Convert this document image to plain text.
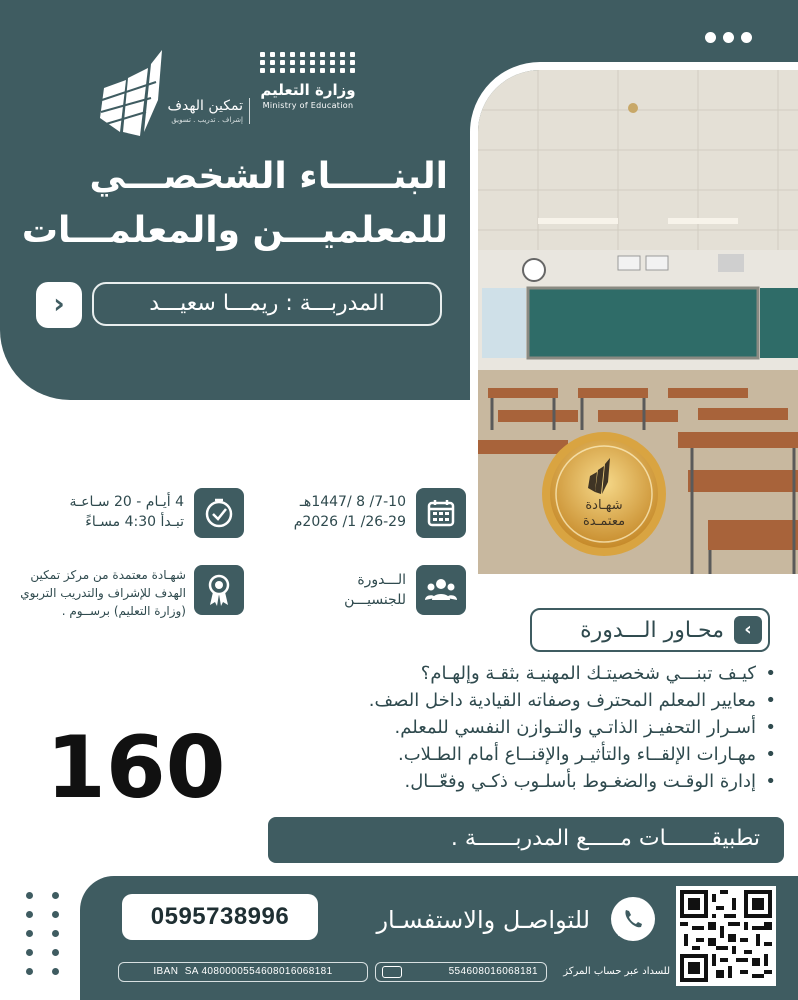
وزارة التعليم
Ministry of Education
تمكين الهدف
إشراف . تدريب . تسويق
البنـــــاء الشخصـــي
للمعلميـــن والمعلمـــات
المدربـــة : ريمـــا سعيـــد
›
شهـادة
معتمـدة
7-10/ 8 /1447هـ
26-29/ 1/ 2026م
4 أيـام - 20 سـاعـة
تبـدأ 4:30 مسـاءً
الـــدورة
للجنسيـــن
شهـادة معتمدة من مركز تمكين
الهدف للإشراف والتدريب التربوي
(وزارة التعليم) برســوم .
›
محـاور الـــدورة
• كيـف تبنـــي شخصيتـك المهنيـة بثقـة وإلهـام؟
• معايير المعلم المحترف وصفاته القيادية داخل الصف.
• أسـرار التحفيـز الذاتـي والتـوازن النفسي للمعلم.
• مهـارات الإلقــاء والتأثيـر والإقنــاع أمام الطـلاب.
• إدارة الوقـت والضغـوط بأسلـوب ذكـي وفعّــال.
160
تطبيقـــــــات مـــــع المدربــــــة .
0595738996	للتواصـل والاستفسـار
IBAN SA 4080000554608016068181	554608016068181	للسداد عبر حساب المركز
